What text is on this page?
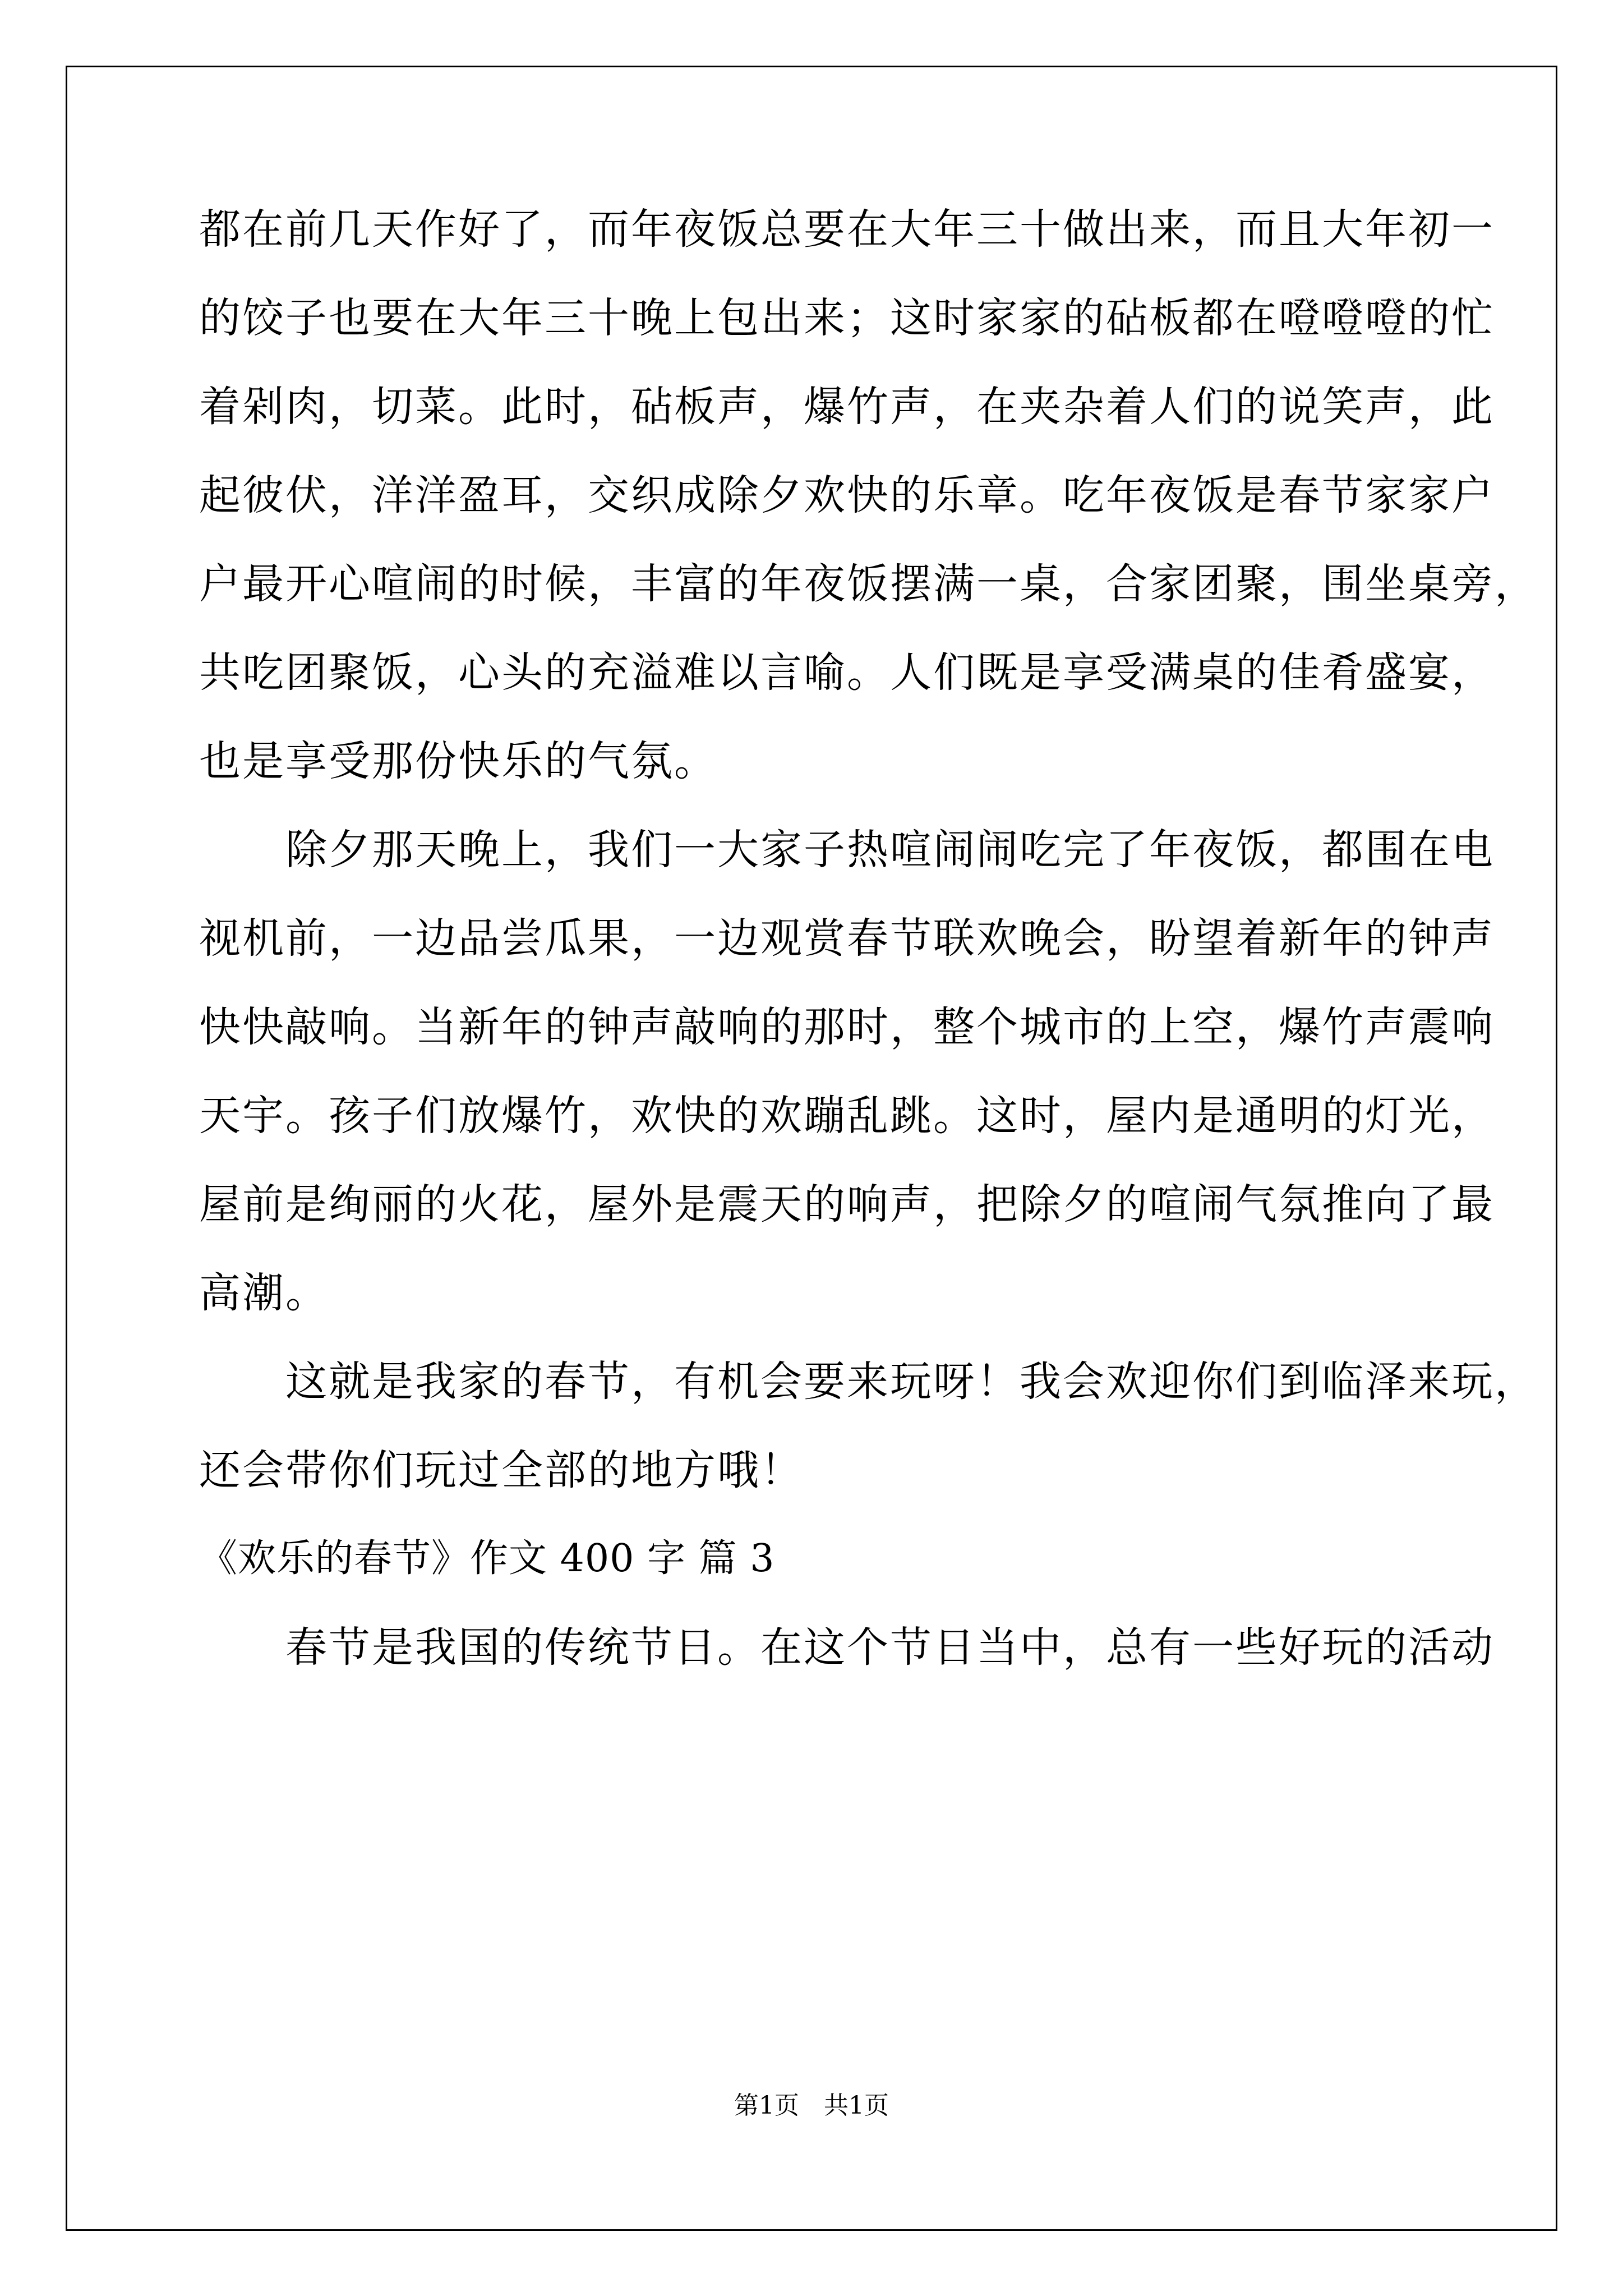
都在前几天作好了，而年夜饭总要在大年三十做出来，而且大年初一
的饺子也要在大年三十晚上包出来；这时家家的砧板都在噔噔噔的忙
着剁肉，切菜。此时，砧板声，爆竹声，在夹杂着人们的说笑声，此
起彼伏，洋洋盈耳，交织成除夕欢快的乐章。吃年夜饭是春节家家户
户最开心喧闹的时候，丰富的年夜饭摆满一桌，合家团聚，围坐桌旁，
共吃团聚饭，心头的充溢难以言喻。人们既是享受满桌的佳肴盛宴，
也是享受那份快乐的气氛。
　　除夕那天晚上，我们一大家子热喧闹闹吃完了年夜饭，都围在电
视机前，一边品尝瓜果，一边观赏春节联欢晚会，盼望着新年的钟声
快快敲响。当新年的钟声敲响的那时，整个城市的上空，爆竹声震响
天宇。孩子们放爆竹，欢快的欢蹦乱跳。这时，屋内是通明的灯光，
屋前是绚丽的火花，屋外是震天的响声，把除夕的喧闹气氛推向了最
高潮。
　　这就是我家的春节，有机会要来玩呀！我会欢迎你们到临泽来玩，
还会带你们玩过全部的地方哦！
《欢乐的春节》作文 400 字 篇 3
　　春节是我国的传统节日。在这个节日当中，总有一些好玩的活动
第1页　共1页
